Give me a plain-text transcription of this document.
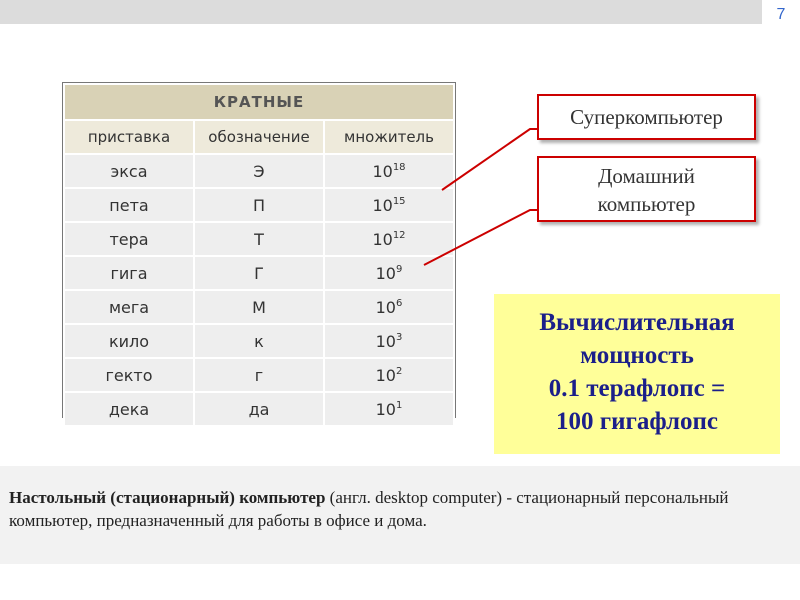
7
КРАТНЫЕ		
приставка	обозначение	множитель
экса	Э	$10^{18}$
пета	П	$10^{15}$
тера	Т	$10^{12}$
гига	Г	$10^9$
мега	М	$10^6$
кило	к	$10^3$
гекто	г	$10^2$
дека	да	$10^1$
Суперкомпьютер
Домашний
компьютер
Вычислительная
мощность
0.1 терафлопс =
100 гигафлопс
Настольный (стационарный) компьютер (англ. desktop computer) - стационарный персональный компьютер, предназначенный для работы в офисе и дома.
